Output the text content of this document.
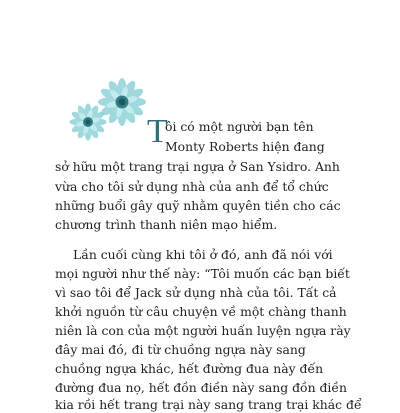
T
ôi có một người bạn tên
Monty Roberts hiện đang
sở hữu một trang trại ngựa ở San Ysidro. Anh
vừa cho tôi sử dụng nhà của anh để tổ chức
những buổi gây quỹ nhằm quyên tiền cho các
chương trình thanh niên mạo hiểm.
Lần cuối cùng khi tôi ở đó, anh đã nói với
mọi người như thế này: “Tôi muốn các bạn biết
vì sao tôi để Jack sử dụng nhà của tôi. Tất cả
khởi nguồn từ câu chuyện về một chàng thanh
niên là con của một người huấn luyện ngựa rày
đây mai đó, đi từ chuồng ngựa này sang
chuồng ngựa khác, hết đường đua này đến
đường đua nọ, hết đồn điền này sang đồn điền
kia rồi hết trang trại này sang trang trại khác để
